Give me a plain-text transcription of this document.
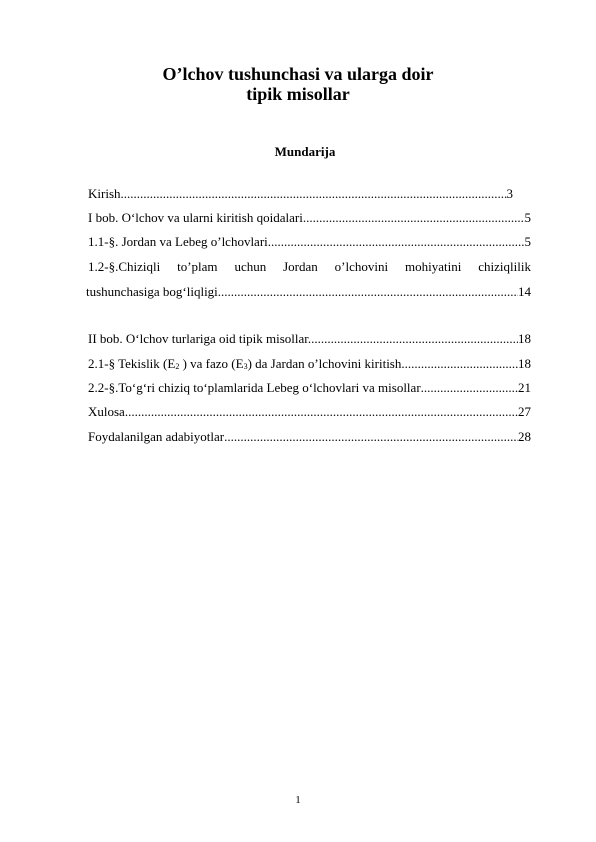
O’lchov tushunchasi va ularga doir
tipik misollar
Mundarija
Kirish .....	3
I bob. O‘lchov va ularni kiritish qoidalari .....	5
1.1-§. Jordan va Lebeg o’lchovlari .....	5
1.2-§.Chiziqli to’plam uchun Jordan o’lchovini mohiyatini chiziqlilik
tushunchasiga bog‘liqligi .....	14
II bob. O‘lchov turlariga oid tipik misollar. .....	18
2.1-§ Tekislik ($E_2$ ) va fazo $(E_3)$ da Jardan o’lchovini kiritish .....	18
2.2-§.To‘g‘ri chiziq to‘plamlarida Lebeg o‘lchovlari va misollar .....	21
Xulosa .....	27
Foydalanilgan adabiyotlar .....	28
1
